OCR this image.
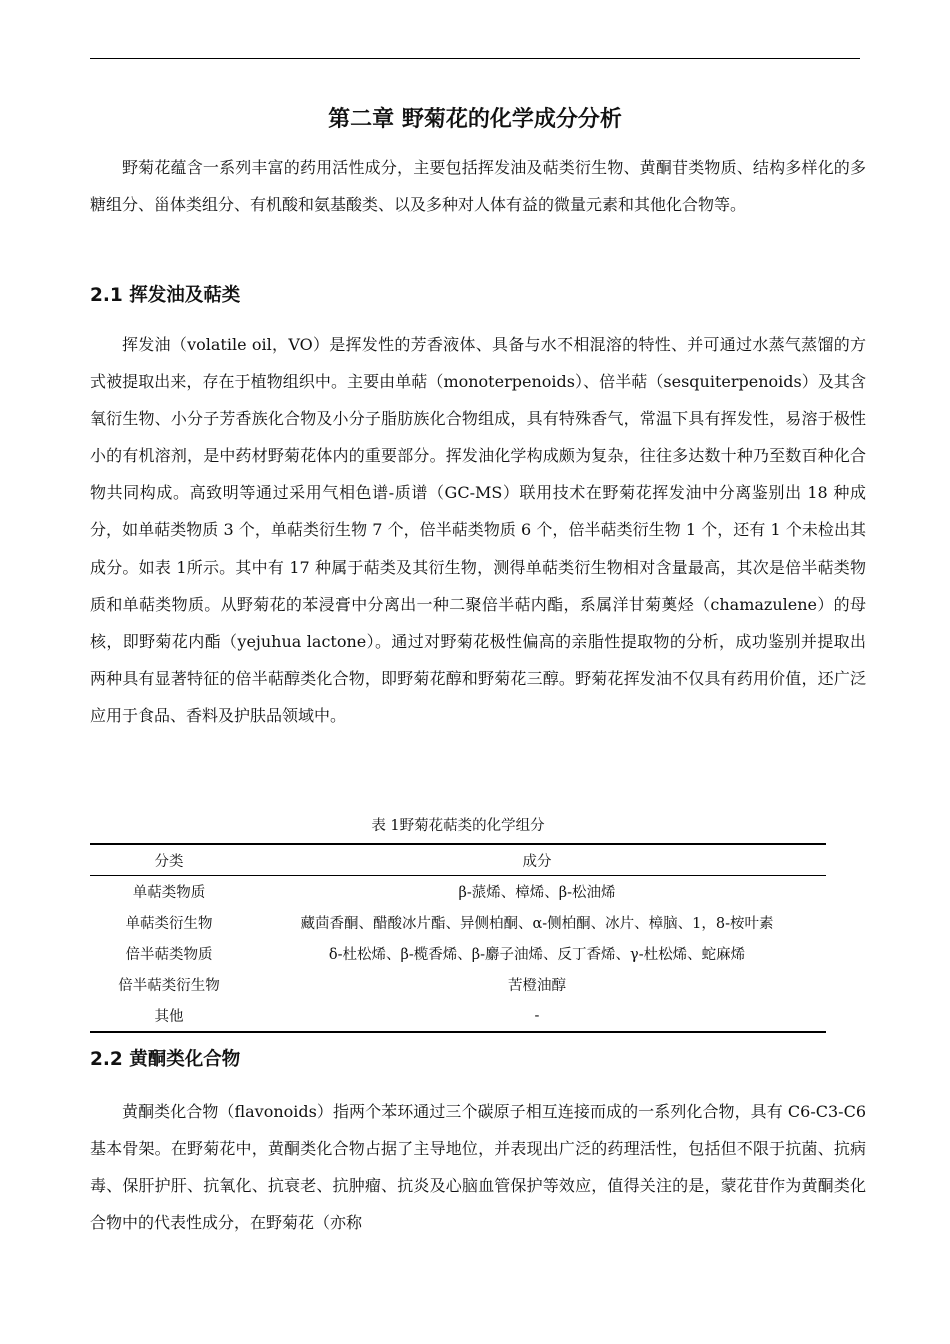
第二章 野菊花的化学成分分析

野菊花蕴含一系列丰富的药用活性成分，主要包括挥发油及萜类衍生物、黄酮苷类物质、结构多样化的多糖组分、甾体类组分、有机酸和氨基酸类、以及多种对人体有益的微量元素和其他化合物等。

2.1 挥发油及萜类

挥发油（volatile oil，VO）是挥发性的芳香液体、具备与水不相混溶的特性、并可通过水蒸气蒸馏的方式被提取出来，存在于植物组织中。主要由单萜（monoterpenoids）、倍半萜（sesquiterpenoids）及其含氧衍生物、小分子芳香族化合物及小分子脂肪族化合物组成，具有特殊香气，常温下具有挥发性，易溶于极性小的有机溶剂，是中药材野菊花体内的重要部分。挥发油化学构成颇为复杂，往往多达数十种乃至数百种化合物共同构成。高致明等通过采用气相色谱-质谱（GC-MS）联用技术在野菊花挥发油中分离鉴别出 18 种成分，如单萜类物质 3 个，单萜类衍生物 7 个，倍半萜类物质 6 个，倍半萜类衍生物 1 个，还有 1 个未检出其成分。如表 1所示。其中有 17 种属于萜类及其衍生物，测得单萜类衍生物相对含量最高，其次是倍半萜类物质和单萜类物质。从野菊花的苯浸膏中分离出一种二聚倍半萜内酯，系属洋甘菊薁烃（chamazulene）的母核，即野菊花内酯（yejuhua lactone）。通过对野菊花极性偏高的亲脂性提取物的分析，成功鉴别并提取出两种具有显著特征的倍半萜醇类化合物，即野菊花醇和野菊花三醇。野菊花挥发油不仅具有药用价值，还广泛应用于食品、香料及护肤品领域中。

表 1野菊花萜类的化学组分
分类	成分
单萜类物质	β-蒎烯、樟烯、β-松油烯
单萜类衍生物	藏茴香酮、醋酸冰片酯、异侧柏酮、α-侧柏酮、冰片、樟脑、1，8-桉叶素
倍半萜类物质	δ-杜松烯、β-榄香烯、β-麝子油烯、反丁香烯、γ-杜松烯、蛇麻烯
倍半萜类衍生物	苦橙油醇
其他	-
2.2 黄酮类化合物

黄酮类化合物（flavonoids）指两个苯环通过三个碳原子相互连接而成的一系列化合物，具有 C6-C3-C6 基本骨架。在野菊花中，黄酮类化合物占据了主导地位，并表现出广泛的药理活性，包括但不限于抗菌、抗病毒、保肝护肝、抗氧化、抗衰老、抗肿瘤、抗炎及心脑血管保护等效应，值得关注的是，蒙花苷作为黄酮类化合物中的代表性成分，在野菊花（亦称
